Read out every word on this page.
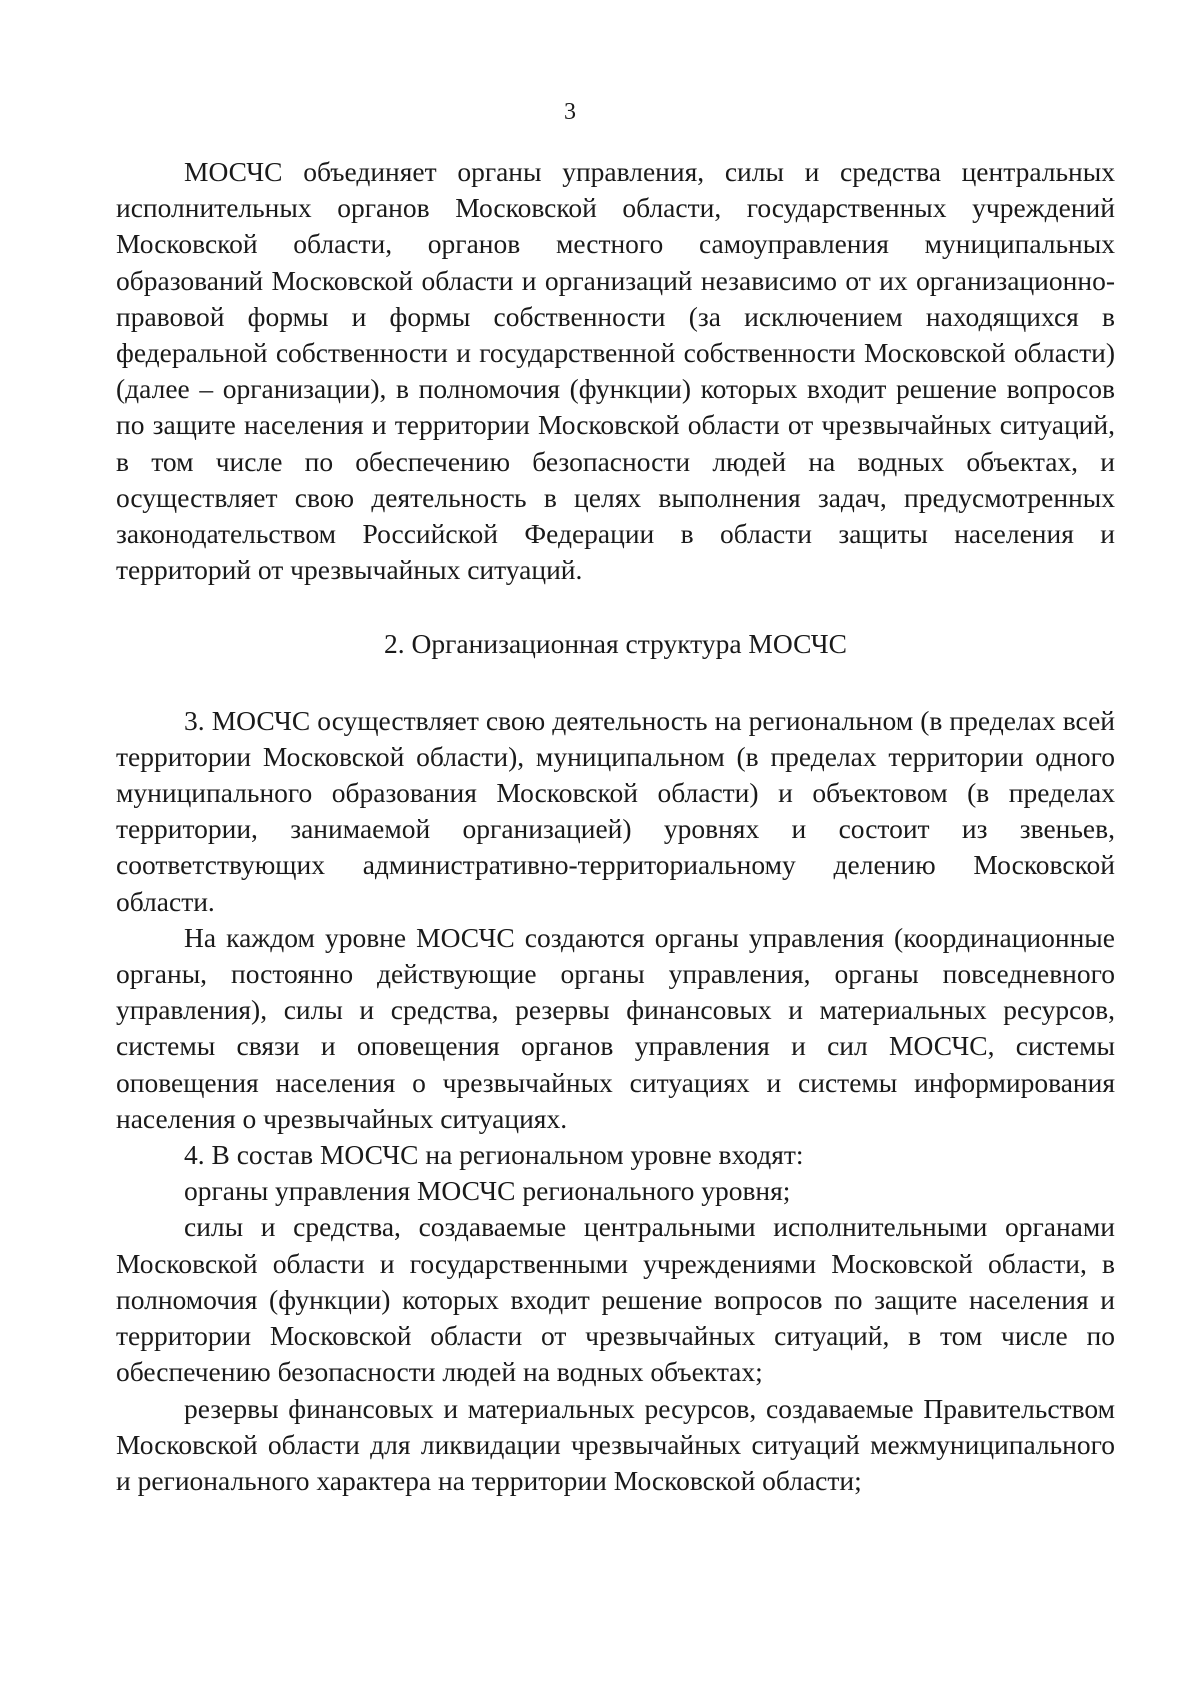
3

МОСЧС объединяет органы управления, силы и средства центральных исполнительных органов Московской области, государственных учреждений Московской области, органов местного самоуправления муниципальных образований Московской области и организаций независимо от их организационно-правовой формы и формы собственности (за исключением находящихся в федеральной собственности и государственной собственности Московской области) (далее – организации), в полномочия (функции) которых входит решение вопросов по защите населения и территории Московской области от чрезвычайных ситуаций, в том числе по обеспечению безопасности людей на водных объектах, и осуществляет свою деятельность в целях выполнения задач, предусмотренных законодательством Российской Федерации в области защиты населения и территорий от чрезвычайных ситуаций.

2. Организационная структура МОСЧС

3. МОСЧС осуществляет свою деятельность на региональном (в пределах всей территории Московской области), муниципальном (в пределах территории одного муниципального образования Московской области) и объектовом (в пределах территории, занимаемой организацией) уровнях и состоит из звеньев, соответствующих административно-территориальному делению Московской области.

На каждом уровне МОСЧС создаются органы управления (координационные органы, постоянно действующие органы управления, органы повседневного управления), силы и средства, резервы финансовых и материальных ресурсов, системы связи и оповещения органов управления и сил МОСЧС, системы оповещения населения о чрезвычайных ситуациях и системы информирования населения о чрезвычайных ситуациях.

4. В состав МОСЧС на региональном уровне входят:

органы управления МОСЧС регионального уровня;

силы и средства, создаваемые центральными исполнительными органами Московской области и государственными учреждениями Московской области, в полномочия (функции) которых входит решение вопросов по защите населения и территории Московской области от чрезвычайных ситуаций, в том числе по обеспечению безопасности людей на водных объектах;

резервы финансовых и материальных ресурсов, создаваемые Правительством Московской области для ликвидации чрезвычайных ситуаций межмуниципального и регионального характера на территории Московской области;
